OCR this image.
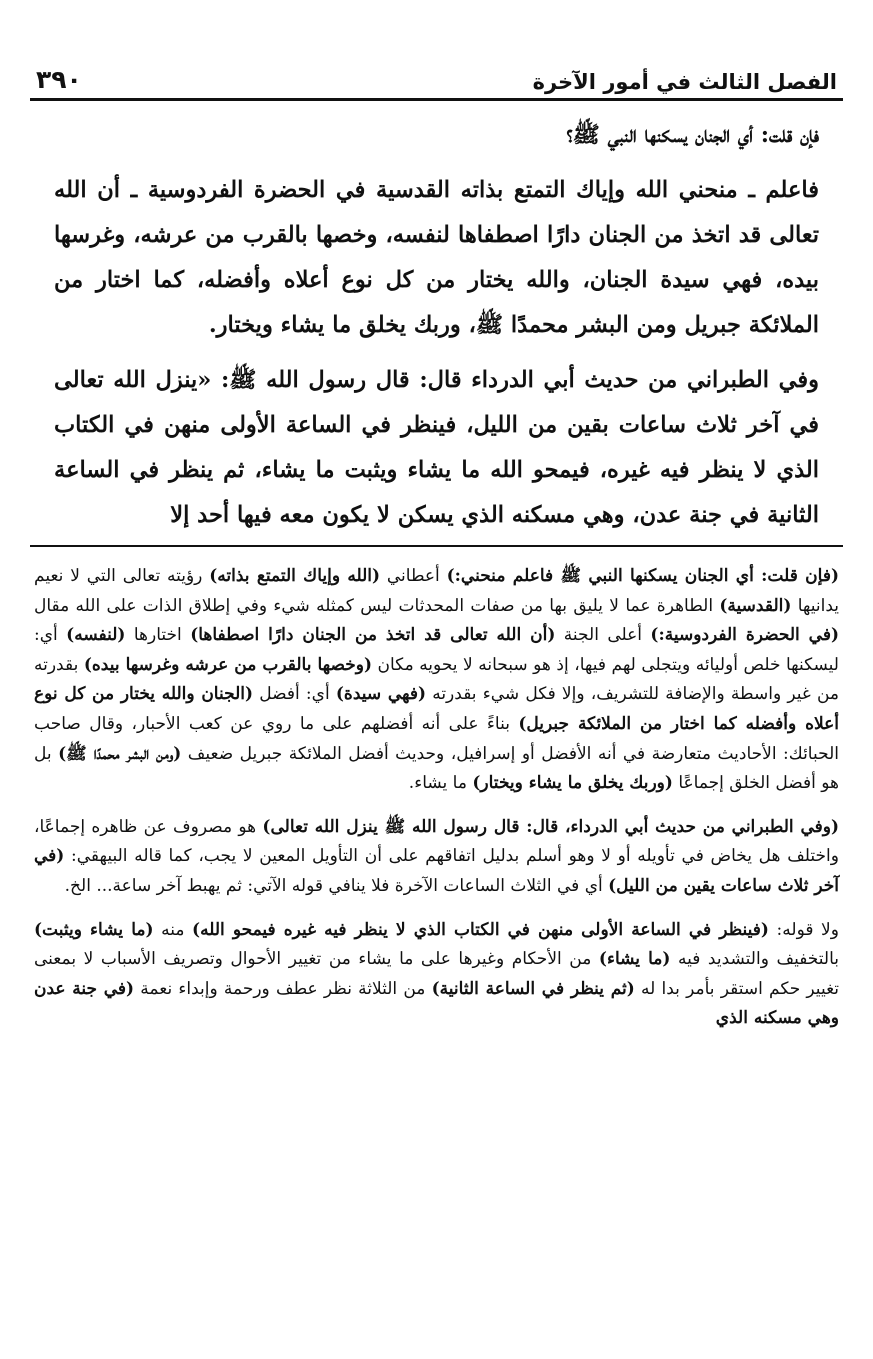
الفصل الثالث في أمور الآخرة
٣٩٠

فإن قلت: أي الجنان يسكنها النبي ﷺ؟

فاعلم ـ منحني الله وإياك التمتع بذاته القدسية في الحضرة الفردوسية ـ أن الله تعالى قد اتخذ من الجنان دارًا اصطفاها لنفسه، وخصها بالقرب من عرشه، وغرسها بيده، فهي سيدة الجنان، والله يختار من كل نوع أعلاه وأفضله، كما اختار من الملائكة جبريل ومن البشر محمدًا ﷺ، وربك يخلق ما يشاء ويختار.

وفي الطبراني من حديث أبي الدرداء قال: قال رسول الله ﷺ: «ينزل الله تعالى في آخر ثلاث ساعات بقين من الليل، فينظر في الساعة الأولى منهن في الكتاب الذي لا ينظر فيه غيره، فيمحو الله ما يشاء ويثبت ما يشاء، ثم ينظر في الساعة الثانية في جنة عدن، وهي مسكنه الذي يسكن لا يكون معه فيها أحد إلا

(فإن قلت: أي الجنان يسكنها النبي ﷺ فاعلم منحني:) أعطاني (الله وإياك التمتع بذاته) رؤيته تعالى التي لا نعيم يدانيها (القدسية) الطاهرة عما لا يليق بها من صفات المحدثات ليس كمثله شيء وفي إطلاق الذات على الله مقال (في الحضرة الفردوسية:) أعلى الجنة (أن الله تعالى قد اتخذ من الجنان دارًا اصطفاها) اختارها (لنفسه) أي: ليسكنها خلص أوليائه ويتجلى لهم فيها، إذ هو سبحانه لا يحويه مكان (وخصها بالقرب من عرشه وغرسها بيده) بقدرته من غير واسطة والإضافة للتشريف، وإلا فكل شيء بقدرته (فهي سيدة) أي: أفضل (الجنان والله يختار من كل نوع أعلاه وأفضله كما اختار من الملائكة جبريل) بناءً على أنه أفضلهم على ما روي عن كعب الأحبار، وقال صاحب الحبائك: الأحاديث متعارضة في أنه الأفضل أو إسرافيل، وحديث أفضل الملائكة جبريل ضعيف (ومن البشر محمدًا ﷺ) بل هو أفضل الخلق إجماعًا (وربك يخلق ما يشاء ويختار) ما يشاء.

(وفي الطبراني من حديث أبي الدرداء، قال: قال رسول الله ﷺ ينزل الله تعالى) هو مصروف عن ظاهره إجماعًا، واختلف هل يخاض في تأويله أو لا وهو أسلم بدليل اتفاقهم على أن التأويل المعين لا يجب، كما قاله البيهقي: (في آخر ثلاث ساعات يقين من الليل) أي في الثلاث الساعات الآخرة فلا ينافي قوله الآتي: ثم يهبط آخر ساعة... الخ.

ولا قوله: (فينظر في الساعة الأولى منهن في الكتاب الذي لا ينظر فيه غيره فيمحو الله) منه (ما يشاء ويثبت) بالتخفيف والتشديد فيه (ما يشاء) من الأحكام وغيرها على ما يشاء من تغيير الأحوال وتصريف الأسباب لا بمعنى تغيير حكم استقر بأمر بدا له (ثم ينظر في الساعة الثانية) من الثلاثة نظر عطف ورحمة وإبداء نعمة (في جنة عدن وهي مسكنه الذي
